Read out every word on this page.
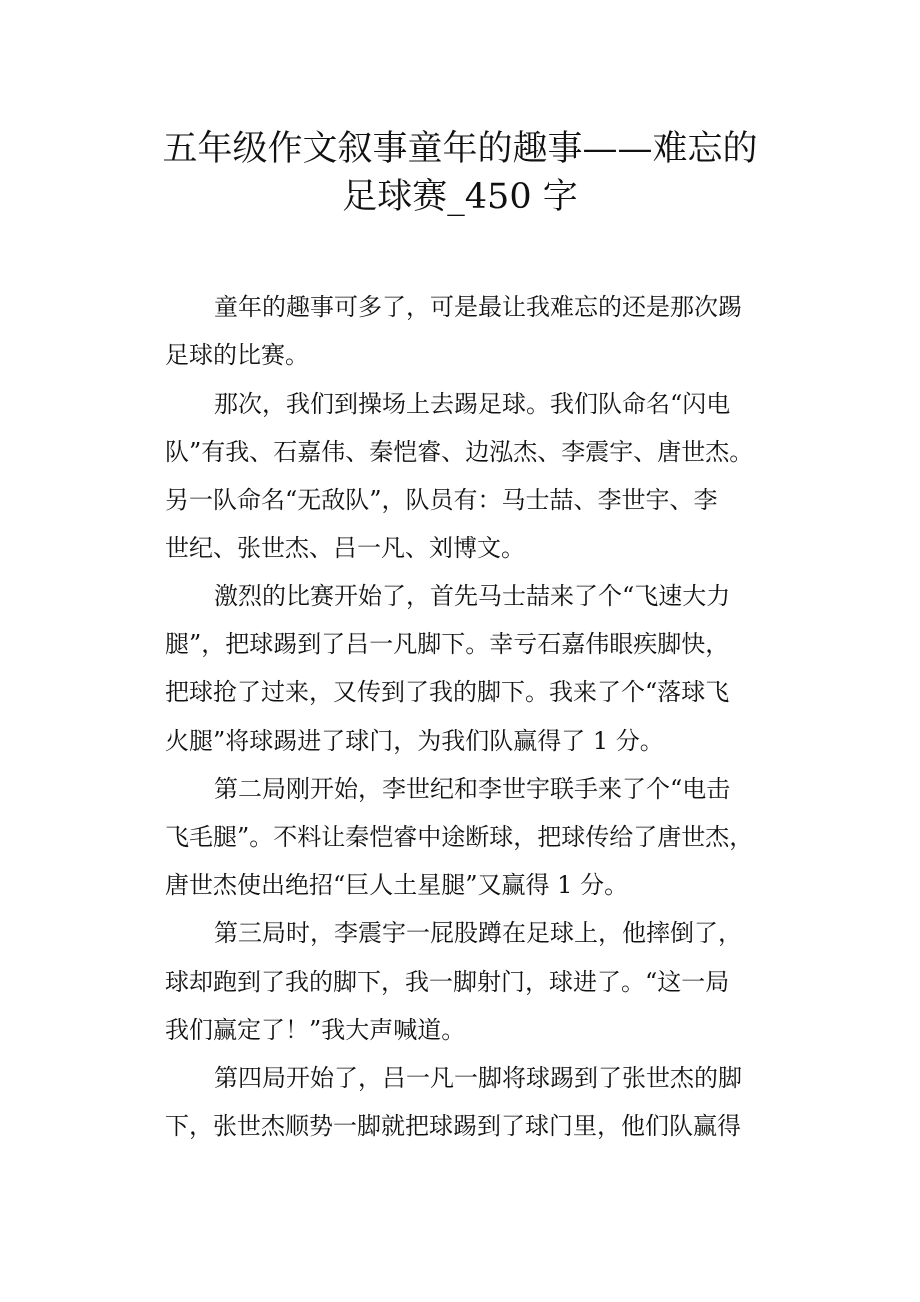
五年级作文叙事童年的趣事——难忘的
足球赛_450 字

童年的趣事可多了，可是最让我难忘的还是那次踢

足球的比赛。

那次，我们到操场上去踢足球。我们队命名“闪电

队”有我、石嘉伟、秦恺睿、边泓杰、李震宇、唐世杰。

另一队命名“无敌队”，队员有：马士喆、李世宇、李

世纪、张世杰、吕一凡、刘博文。

激烈的比赛开始了，首先马士喆来了个“飞速大力

腿”，把球踢到了吕一凡脚下。幸亏石嘉伟眼疾脚快，

把球抢了过来，又传到了我的脚下。我来了个“落球飞

火腿”将球踢进了球门，为我们队赢得了 1 分。

第二局刚开始，李世纪和李世宇联手来了个“电击

飞毛腿”。不料让秦恺睿中途断球，把球传给了唐世杰，

唐世杰使出绝招“巨人土星腿”又赢得 1 分。

第三局时，李震宇一屁股蹲在足球上，他摔倒了，

球却跑到了我的脚下，我一脚射门，球进了。“这一局

我们赢定了！”我大声喊道。

第四局开始了，吕一凡一脚将球踢到了张世杰的脚

下，张世杰顺势一脚就把球踢到了球门里，他们队赢得
